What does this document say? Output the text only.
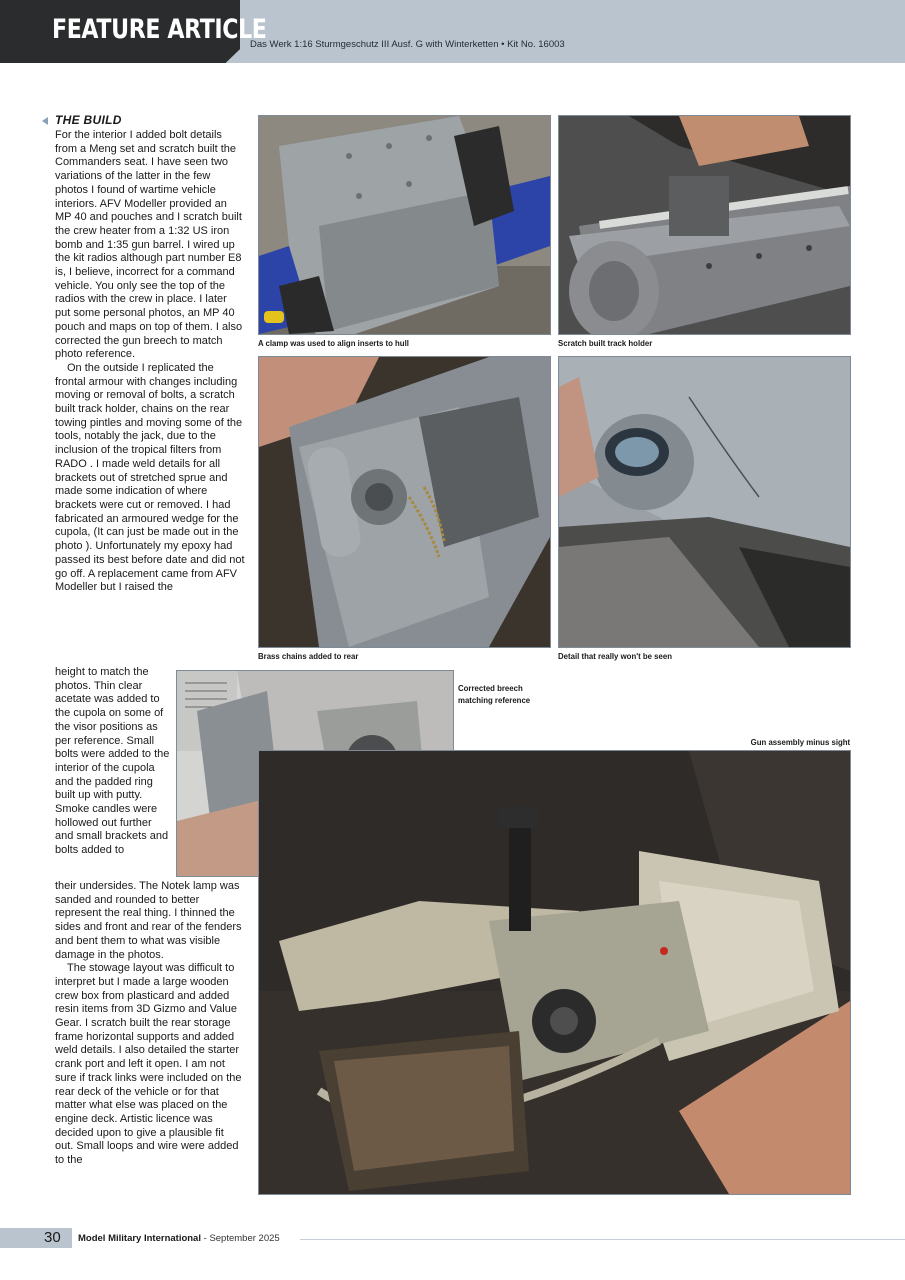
FEATURE ARTICLE
Das Werk 1:16 Sturmgeschutz III Ausf. G with Winterketten • Kit No. 16003
THE BUILD

For the interior I added bolt details from a Meng set and scratch built the Commanders seat. I have seen two variations of the latter in the few photos I found of wartime vehicle interiors. AFV Modeller provided an MP 40 and pouches and I scratch built the crew heater from a 1:32 US iron bomb and 1:35 gun barrel. I wired up the kit radios although part number E8 is, I believe, incorrect for a command vehicle. You only see the top of the radios with the crew in place. I later put some personal photos, an MP 40 pouch and maps on top of them. I also corrected the gun breech to match photo reference.

On the outside I replicated the frontal armour with changes including moving or removal of bolts, a scratch built track holder, chains on the rear towing pintles and moving some of the tools, notably the jack, due to the inclusion of the tropical filters from RADO . I made weld details for all brackets out of stretched sprue and made some indication of where brackets were cut or removed. I had fabricated an armoured wedge for the cupola, (It can just be made out in the photo ). Unfortunately my epoxy had passed its best before date and did not go off. A replacement came from AFV Modeller but I raised the

height to match the photos. Thin clear acetate was added to the cupola on some of the visor positions as per reference. Small bolts were added to the interior of the cupola and the padded ring built up with putty. Smoke candles were hollowed out further and small brackets and bolts added to

their undersides. The Notek lamp was sanded and rounded to better represent the real thing. I thinned the sides and front and rear of the fenders and bent them to what was visible damage in the photos.

The stowage layout was difficult to interpret but I made a large wooden crew box from plasticard and added resin items from 3D Gizmo and Value Gear. I scratch built the rear storage frame horizontal supports and added weld details. I also detailed the starter crank port and left it open. I am not sure if track links were included on the rear deck of the vehicle or for that matter what else was placed on the engine deck. Artistic licence was decided upon to give a plausible fit out. Small loops and wire were added to the

A clamp was used to align inserts to hull	Scratch built track holder
Brass chains added to rear	Detail that really won't be seen
Corrected breech
matching reference
Gun assembly minus sight
30 Model Military International - September 2025
